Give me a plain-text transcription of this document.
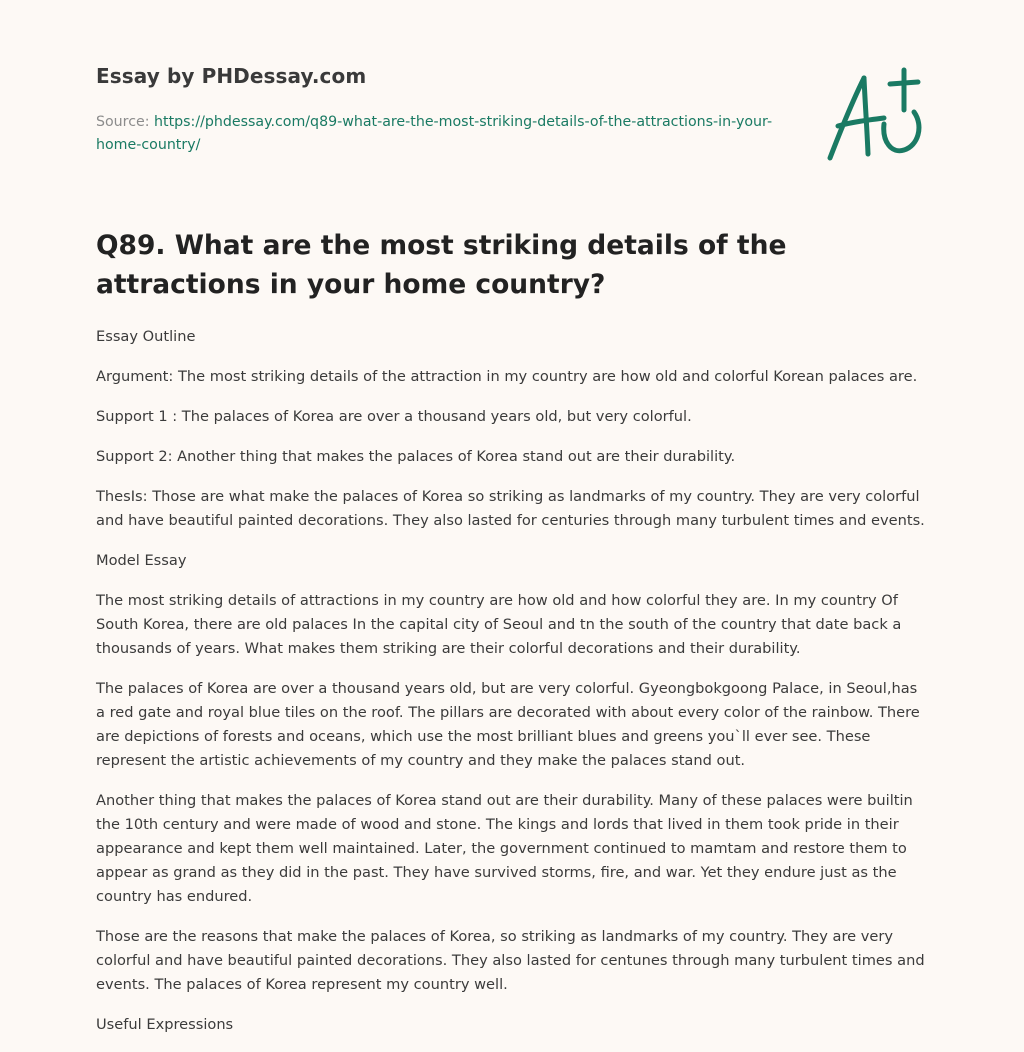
Essay by PHDessay.com
Source: https://phdessay.com/q89-what-are-the-most-striking-details-of-the-attractions-in-your-home-country/
Q89. What are the most striking details of the attractions in your home country?

Essay Outline

Argument: The most striking details of the attraction in my country are how old and colorful Korean palaces are.

Support 1 : The palaces of Korea are over a thousand years old, but very colorful.

Support 2: Another thing that makes the palaces of Korea stand out are their durability.

ThesIs: Those are what make the palaces of Korea so striking as landmarks of my country. They are very colorful and have beautiful painted decorations. They also lasted for centuries through many turbulent times and events.

Model Essay

The most striking details of attractions in my country are how old and how colorful they are. In my country Of South Korea, there are old palaces In the capital city of Seoul and tn the south of the country that date back a thousands of years. What makes them striking are their colorful decorations and their durability.

The palaces of Korea are over a thousand years old, but are very colorful. Gyeongbokgoong Palace, in Seoul,has a red gate and royal blue tiles on the roof. The pillars are decorated with about every color of the rainbow. There are depictions of forests and oceans, which use the most brilliant blues and greens you`ll ever see. These represent the artistic achievements of my country and they make the palaces stand out.

Another thing that makes the palaces of Korea stand out are their durability. Many of these palaces were builtin the 10th century and were made of wood and stone. The kings and lords that lived in them took pride in their appearance and kept them well maintained. Later, the government continued to mamtam and restore them to appear as grand as they did in the past. They have survived storms, fire, and war. Yet they endure just as the country has endured.

Those are the reasons that make the palaces of Korea, so striking as landmarks of my country. They are very colorful and have beautiful painted decorations. They also lasted for centunes through many turbulent times and events. The palaces of Korea represent my country well.

Useful Expressions
